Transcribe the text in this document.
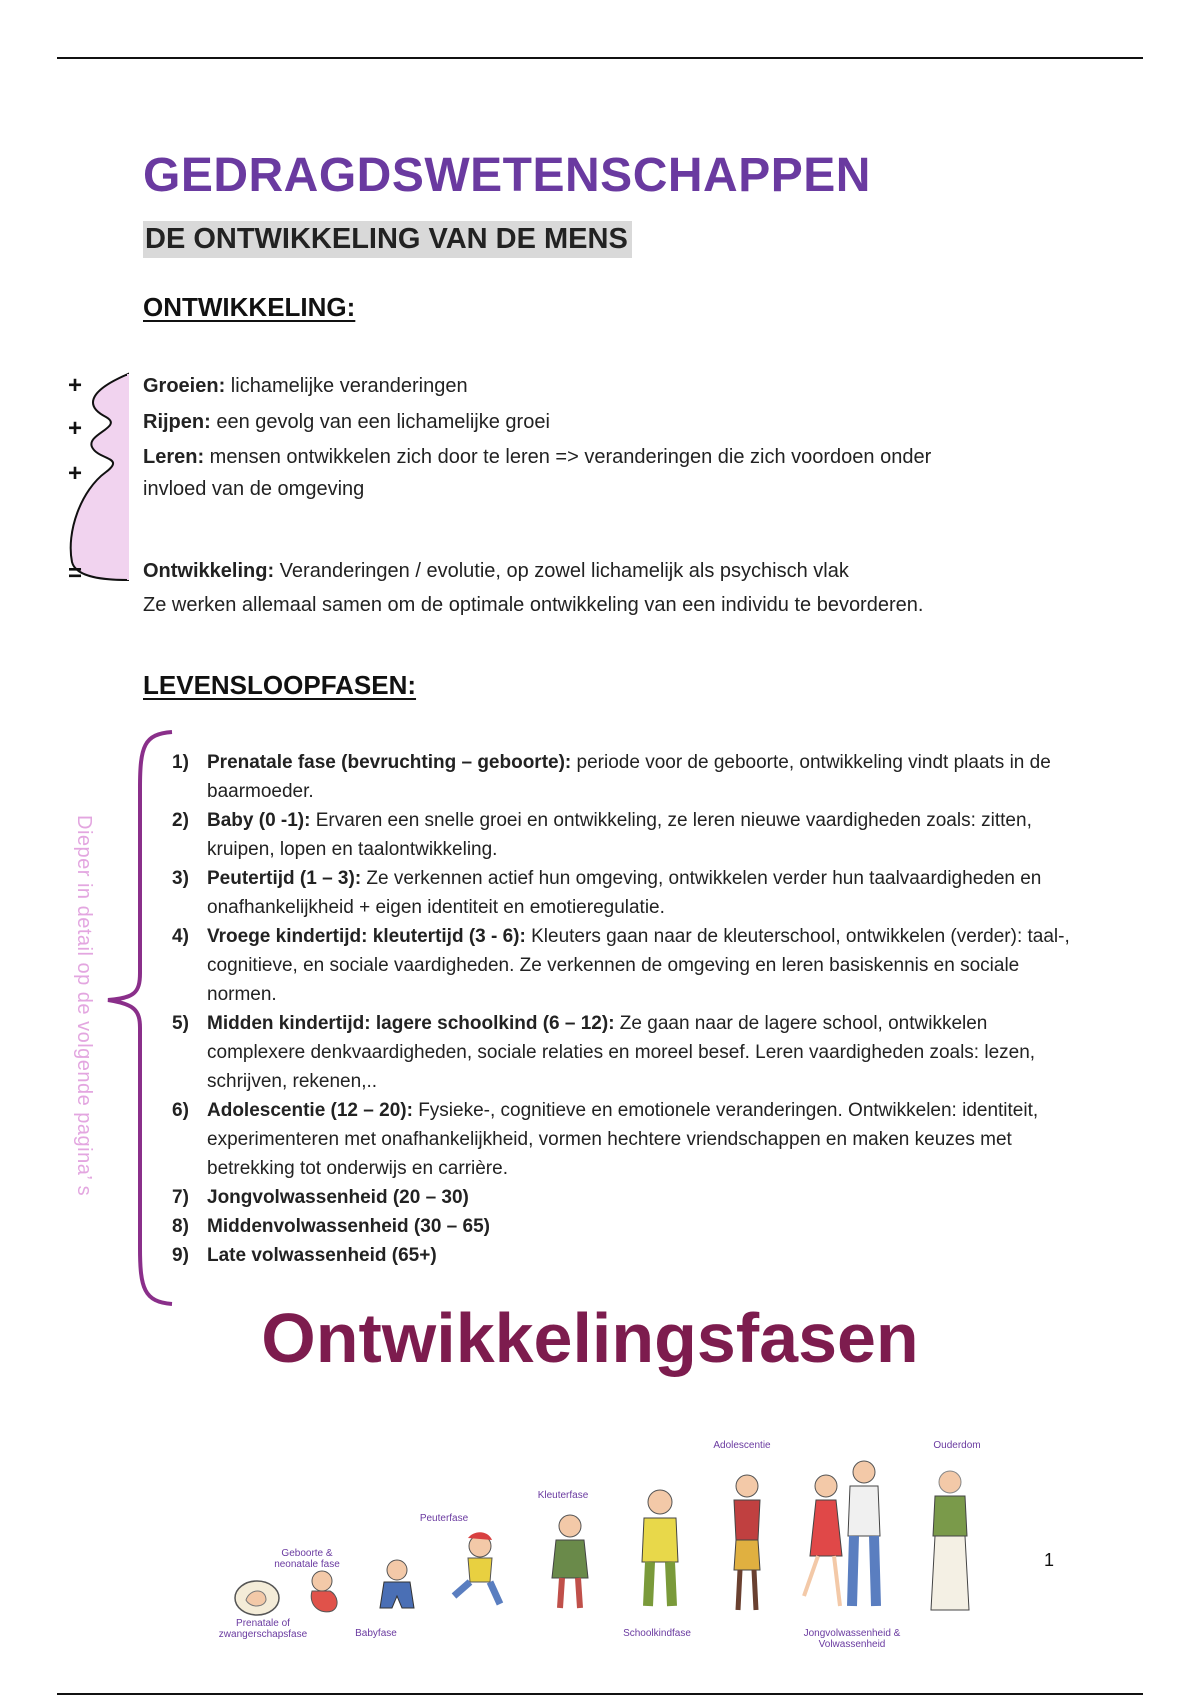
GEDRAGDSWETENSCHAPPEN
DE ONTWIKKELING VAN DE MENS
ONTWIKKELING:
+
+
+
=
Groeien: lichamelijke veranderingen
Rijpen: een gevolg van een lichamelijke groei
Leren: mensen ontwikkelen zich door te leren => veranderingen die zich voordoen onder
invloed van de omgeving
Ontwikkeling: Veranderingen / evolutie, op zowel lichamelijk als psychisch vlak
Ze werken allemaal samen om de optimale ontwikkeling van een individu te bevorderen.
LEVENSLOOPFASEN:
Dieper in detail op de volgende pagina’ s
1) Prenatale fase (bevruchting – geboorte): periode voor de geboorte, ontwikkeling vindt plaats in de baarmoeder.
2) Baby (0 -1): Ervaren een snelle groei en ontwikkeling, ze leren nieuwe vaardigheden zoals: zitten, kruipen, lopen en taalontwikkeling.
3) Peutertijd (1 – 3): Ze verkennen actief hun omgeving, ontwikkelen verder hun taalvaardigheden en onafhankelijkheid + eigen identiteit en emotieregulatie.
4) Vroege kindertijd: kleutertijd (3 - 6): Kleuters gaan naar de kleuterschool, ontwikkelen (verder): taal-, cognitieve, en sociale vaardigheden. Ze verkennen de omgeving en leren basiskennis en sociale normen.
5) Midden kindertijd: lagere schoolkind (6 – 12): Ze gaan naar de lagere school, ontwikkelen complexere denkvaardigheden, sociale relaties en moreel besef. Leren vaardigheden zoals: lezen, schrijven, rekenen,..
6) Adolescentie (12 – 20): Fysieke-, cognitieve en emotionele veranderingen. Ontwikkelen: identiteit, experimenteren met onafhankelijkheid, vormen hechtere vriendschappen en maken keuzes met betrekking tot onderwijs en carrière.
7) Jongvolwassenheid (20 – 30)
8) Middenvolwassenheid (30 – 65)
9) Late volwassenheid (65+)
Ontwikkelingsfasen
Prenatale of zwangerschapsfase
Geboorte & neonatale fase
Babyfase
Peuterfase
Kleuterfase
Schoolkindfase
Adolescentie
Jongvolwassenheid & Volwassenheid
Ouderdom
1
